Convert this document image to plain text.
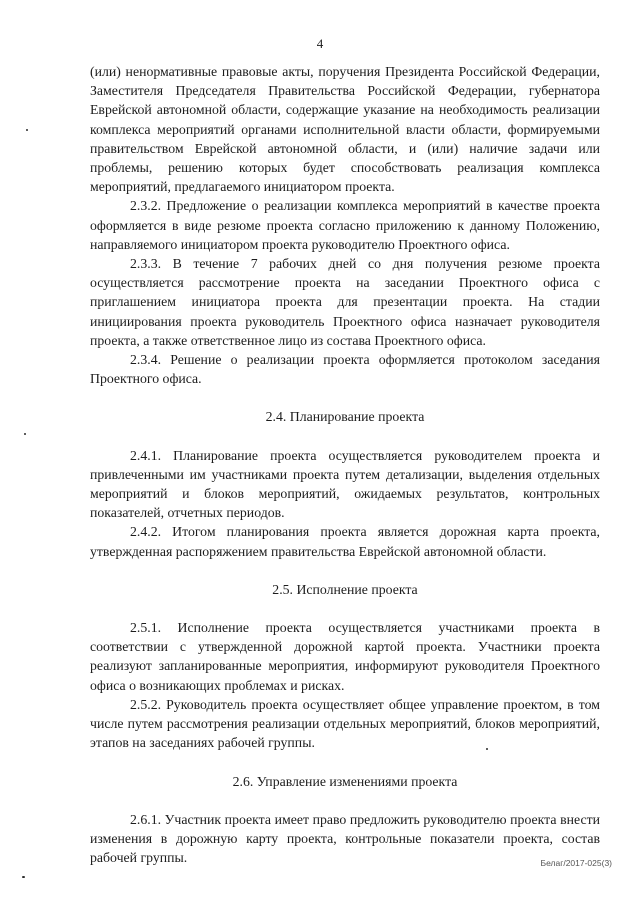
4

(или) ненормативные правовые акты, поручения Президента Российской Федерации, Заместителя Председателя Правительства Российской Федерации, губернатора Еврейской автономной области, содержащие указание на необходимость реализации комплекса мероприятий органами исполнительной власти области, формируемыми правительством Еврейской автономной области, и (или) наличие задачи или проблемы, решению которых будет способствовать реализация комплекса мероприятий, предлагаемого инициатором проекта.

2.3.2. Предложение о реализации комплекса мероприятий в качестве проекта оформляется в виде резюме проекта согласно приложению к данному Положению, направляемого инициатором проекта руководителю Проектного офиса.

2.3.3. В течение 7 рабочих дней со дня получения резюме проекта осуществляется рассмотрение проекта на заседании Проектного офиса с приглашением инициатора проекта для презентации проекта. На стадии инициирования проекта руководитель Проектного офиса назначает руководителя проекта, а также ответственное лицо из состава Проектного офиса.

2.3.4. Решение о реализации проекта оформляется протоколом заседания Проектного офиса.

2.4. Планирование проекта

2.4.1. Планирование проекта осуществляется руководителем проекта и привлеченными им участниками проекта путем детализации, выделения отдельных мероприятий и блоков мероприятий, ожидаемых результатов, контрольных показателей, отчетных периодов.

2.4.2. Итогом планирования проекта является дорожная карта проекта, утвержденная распоряжением правительства Еврейской автономной области.

2.5. Исполнение проекта

2.5.1. Исполнение проекта осуществляется участниками проекта в соответствии с утвержденной дорожной картой проекта. Участники проекта реализуют запланированные мероприятия, информируют руководителя Проектного офиса о возникающих проблемах и рисках.

2.5.2. Руководитель проекта осуществляет общее управление проектом, в том числе путем рассмотрения реализации отдельных мероприятий, блоков мероприятий, этапов на заседаниях рабочей группы.

2.6. Управление изменениями проекта

2.6.1. Участник проекта имеет право предложить руководителю проекта внести изменения в дорожную карту проекта, контрольные показатели проекта, состав рабочей группы.	Белаг/2017-025(3)
